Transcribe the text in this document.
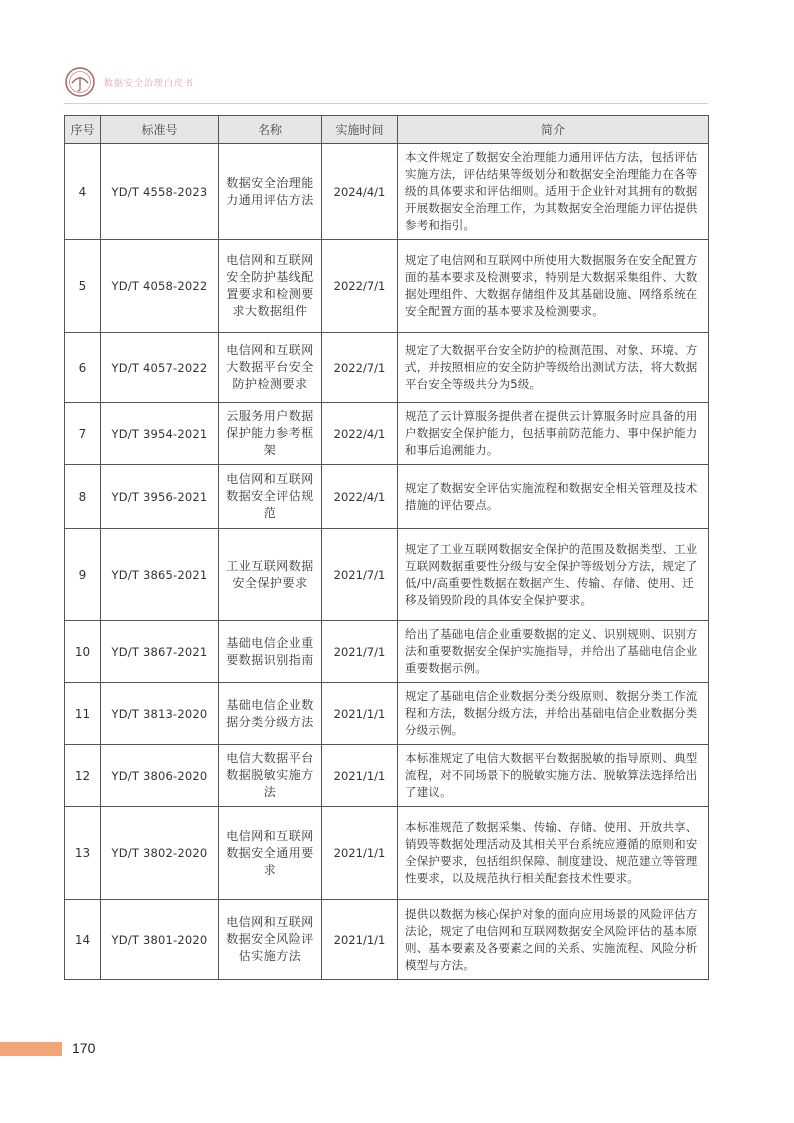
数据安全治理白皮书
序号	标准号	名称	实施时间	简介
4	YD/T 4558-2023	数据安全治理能力通用评估方法	2024/4/1	本文件规定了数据安全治理能力通用评估方法，包括评估实施方法，评估结果等级划分和数据安全治理能力在各等级的具体要求和评估细则。适用于企业针对其拥有的数据开展数据安全治理工作，为其数据安全治理能力评估提供参考和指引。
5	YD/T 4058-2022	电信网和互联网安全防护基线配置要求和检测要求大数据组件	2022/7/1	规定了电信网和互联网中所使用大数据服务在安全配置方面的基本要求及检测要求，特别是大数据采集组件、大数据处理组件、大数据存储组件及其基础设施、网络系统在安全配置方面的基本要求及检测要求。
6	YD/T 4057-2022	电信网和互联网大数据平台安全防护检测要求	2022/7/1	规定了大数据平台安全防护的检测范围、对象、环境、方式，并按照相应的安全防护等级给出测试方法，将大数据平台安全等级共分为5级。
7	YD/T 3954-2021	云服务用户数据保护能力参考框架	2022/4/1	规范了云计算服务提供者在提供云计算服务时应具备的用户数据安全保护能力，包括事前防范能力、事中保护能力和事后追溯能力。
8	YD/T 3956-2021	电信网和互联网数据安全评估规范	2022/4/1	规定了数据安全评估实施流程和数据安全相关管理及技术措施的评估要点。
9	YD/T 3865-2021	工业互联网数据安全保护要求	2021/7/1	规定了工业互联网数据安全保护的范围及数据类型、工业互联网数据重要性分级与安全保护等级划分方法，规定了低/中/高重要性数据在数据产生、传输、存储、使用、迁移及销毁阶段的具体安全保护要求。
10	YD/T 3867-2021	基础电信企业重要数据识别指南	2021/7/1	给出了基础电信企业重要数据的定义、识别规则、识别方法和重要数据安全保护实施指导，并给出了基础电信企业重要数据示例。
11	YD/T 3813-2020	基础电信企业数据分类分级方法	2021/1/1	规定了基础电信企业数据分类分级原则、数据分类工作流程和方法，数据分级方法，并给出基础电信企业数据分类分级示例。
12	YD/T 3806-2020	电信大数据平台数据脱敏实施方法	2021/1/1	本标准规定了电信大数据平台数据脱敏的指导原则、典型流程，对不同场景下的脱敏实施方法、脱敏算法选择给出了建议。
13	YD/T 3802-2020	电信网和互联网数据安全通用要求	2021/1/1	本标准规范了数据采集、传输、存储、使用、开放共享、销毁等数据处理活动及其相关平台系统应遵循的原则和安全保护要求，包括组织保障、制度建设、规范建立等管理性要求，以及规范执行相关配套技术性要求。
14	YD/T 3801-2020	电信网和互联网数据安全风险评估实施方法	2021/1/1	提供以数据为核心保护对象的面向应用场景的风险评估方法论，规定了电信网和互联网数据安全风险评估的基本原则、基本要素及各要素之间的关系、实施流程、风险分析模型与方法。
170
